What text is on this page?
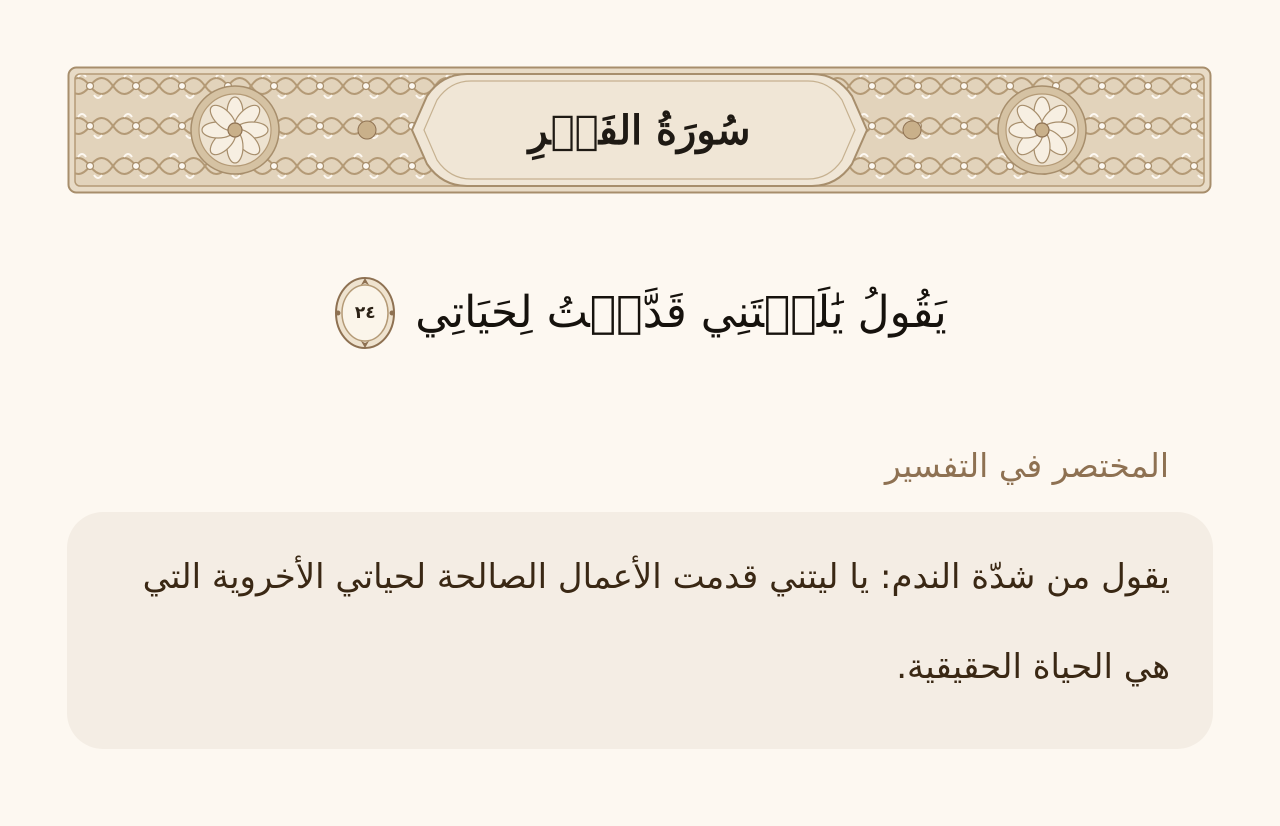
سُورَةُ الفَجۡرِ
يَقُولُ يَٰلَيۡتَنِي قَدَّمۡتُ لِحَيَاتِي
٢٤
المختصر في التفسير
يقول من شدّة الندم: يا ليتني قدمت الأعمال الصالحة لحياتي الأخروية التي هي الحياة الحقيقية.
